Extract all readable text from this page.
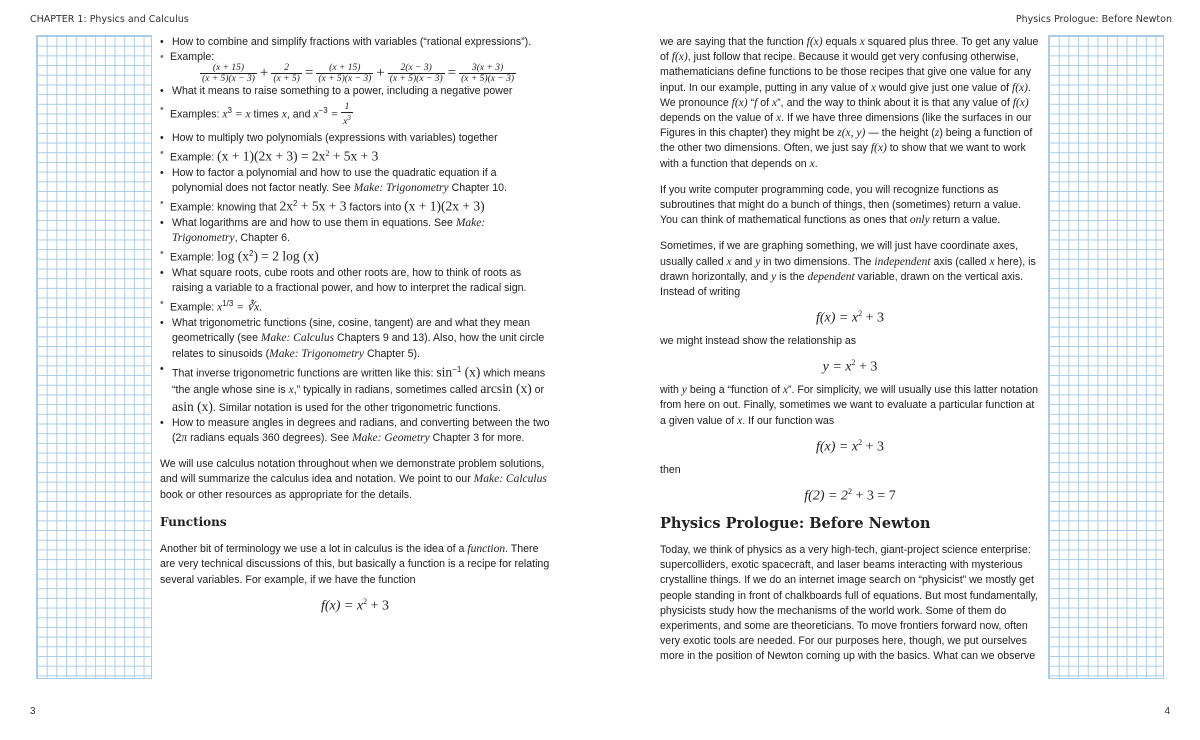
CHAPTER 1: Physics and Calculus	Physics Prologue: Before Newton

• How to combine and simplify fractions with variables (“rational expressions”).

• Example:

$\frac{(x + 15)}{(x + 5)(x - 3)} + \frac{2}{(x + 5)} = \frac{(x + 15)}{(x + 5)(x - 3)} + \frac{2(x - 3)}{(x + 5)(x - 3)} = \frac{3(x + 3)}{(x + 5)(x - 3)}$

• What it means to raise something to a power, including a negative power

• Examples: $x^3 = x$ times x, and $x^{-3} = \frac{1}{x^3}$

• How to multiply two polynomials (expressions with variables) together

• Example: $(x + 1)(2x + 3) = 2x^2 + 5x + 3$

• How to factor a polynomial and how to use the quadratic equation if a polynomial does not factor neatly. See Make: Trigonometry Chapter 10.

• Example: knowing that $2x^2 + 5x + 3$ factors into (x + 1)(2x + 3)

• What logarithms are and how to use them in equations. See Make: Trigonometry, Chapter 6.

• Example: $\log (x^2) = 2$ log (x)

• What square roots, cube roots and other roots are, how to think of roots as raising a variable to a fractional power, and how to interpret the radical sign.

• Example: $x^{1/3}$ = ∛x.

• What trigonometric functions (sine, cosine, tangent) are and what they mean geometrically (see Make: Calculus Chapters 9 and 13). Also, how the unit circle relates to sinusoids (Make: Trigonometry Chapter 5).

• That inverse trigonometric functions are written like this: $\sin^{-1} (x)$ which means “the angle whose sine is x,” typically in radians, sometimes called arcsin (x) or asin (x). Similar notation is used for the other trigonometric functions.

• How to measure angles in degrees and radians, and converting between the two (2π radians equals 360 degrees). See Make: Geometry Chapter 3 for more.

We will use calculus notation throughout when we demonstrate problem solutions, and will summarize the calculus idea and notation. We point to our Make: Calculus book or other resources as appropriate for the details.

Functions

Another bit of terminology we use a lot in calculus is the idea of a function. There are very technical discussions of this, but basically a function is a recipe for relating several variables. For example, if we have the function

$f(x) = x^2 + 3$

we are saying that the function f(x) equals x squared plus three. To get any value of f(x), just follow that recipe. Because it would get very confusing otherwise, mathematicians define functions to be those recipes that give one value for any input. In our example, putting in any value of x would give just one value of f(x). We pronounce f(x) “f of x”, and the way to think about it is that any value of f(x) depends on the value of x. If we have three dimensions (like the surfaces in our Figures in this chapter) they might be z(x, y) — the height (z) being a function of the other two dimensions. Often, we just say f(x) to show that we want to work with a function that depends on x.

If you write computer programming code, you will recognize functions as subroutines that might do a bunch of things, then (sometimes) return a value. You can think of mathematical functions as ones that only return a value.

Sometimes, if we are graphing something, we will just have coordinate axes, usually called x and y in two dimensions. The independent axis (called x here), is drawn horizontally, and y is the dependent variable, drawn on the vertical axis. Instead of writing

$f(x) = x^2 + 3$

we might instead show the relationship as

$y = x^2 + 3$

with y being a “function of x”. For simplicity, we will usually use this latter notation from here on out. Finally, sometimes we want to evaluate a particular function at a given value of x. If our function was

$f(x) = x^2 + 3$

then

$f(2) = 2^2 + 3 = 7$
Physics Prologue: Before Newton

Today, we think of physics as a very high-tech, giant-project science enterprise: supercolliders, exotic spacecraft, and laser beams interacting with mysterious crystalline things. If we do an internet image search on “physicist” we mostly get people standing in front of chalkboards full of equations. But most fundamentally, physicists study how the mechanisms of the world work. Some of them do experiments, and some are theoreticians. To move frontiers forward now, often very exotic tools are needed. For our purposes here, though, we put ourselves more in the position of Newton coming up with the basics. What can we observe

3	4
